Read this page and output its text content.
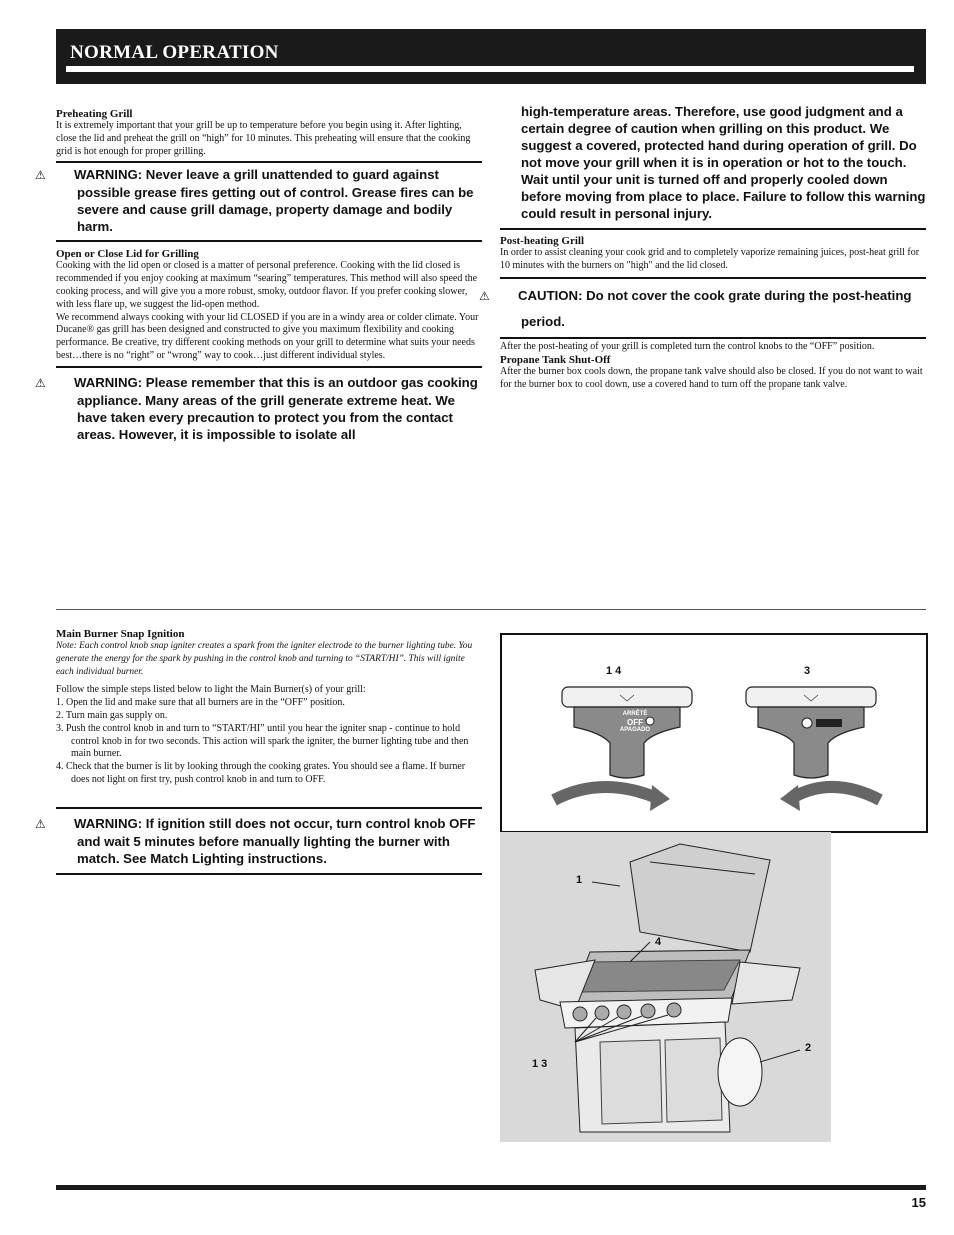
NORMAL OPERATION

Preheating Grill

It is extremely important that your grill be up to temperature before you begin using it. After lighting, close the lid and preheat the grill on “high” for 10 minutes. This preheating will ensure that the cooking grid is hot enough for proper grilling.

⚠ WARNING: Never leave a grill unattended to guard against possible grease fires getting out of control. Grease fires can be severe and cause grill damage, property damage and bodily harm.

Open or Close Lid for Grilling

Cooking with the lid open or closed is a matter of personal preference. Cooking with the lid closed is recommended if you enjoy cooking at maximum “searing” temperatures. This method will also speed the cooking process, and will give you a more robust, smoky, outdoor flavor. If you prefer cooking slower, with less flare up, we suggest the lid-open method.

We recommend always cooking with your lid CLOSED if you are in a windy area or colder climate. Your Ducane® gas grill has been designed and constructed to give you maximum flexibility and cooking performance. Be creative, try different cooking methods on your grill to determine what suits your needs best…there is no “right” or “wrong” way to cook…just different individual styles.

⚠ WARNING: Please remember that this is an outdoor gas cooking appliance. Many areas of the grill generate extreme heat. We have taken every precaution to protect you from the contact areas. However, it is impossible to isolate all

high-temperature areas. Therefore, use good judgment and a certain degree of caution when grilling on this product. We suggest a covered, protected hand during operation of grill. Do not move your grill when it is in operation or hot to the touch. Wait until your unit is turned off and properly cooled down before moving from place to place. Failure to follow this warning could result in personal injury.

Post-heating Grill

In order to assist cleaning your cook grid and to completely vaporize remaining juices, post-heat grill for 10 minutes with the burners on "high" and the lid closed.

⚠ CAUTION: Do not cover the cook grate during the post-heating period.

After the post-heating of your grill is completed turn the control knobs to the “OFF” position.

Propane Tank Shut-Off

After the burner box cools down, the propane tank valve should also be closed. If you do not want to wait for the burner box to cool down, use a covered hand to turn off the propane tank valve.

Main Burner Snap Ignition

Note: Each control knob snap igniter creates a spark from the igniter electrode to the burner lighting tube. You generate the energy for the spark by pushing in the control knob and turning to “START/HI”. This will ignite each individual burner.

Follow the simple steps listed below to light the Main Burner(s) of your grill:

1. Open the lid and make sure that all burners are in the “OFF” position.
2. Turn main gas supply on.
3. Push the control knob in and turn to “START/HI” until you hear the igniter snap - continue to hold control knob in for two seconds. This action will spark the igniter, the burner lighting tube and then main burner.
4. Check that the burner is lit by looking through the cooking grates. You should see a flame. If burner does not light on first try, push control knob in and turn to OFF.

⚠ WARNING: If ignition still does not occur, turn control knob OFF and wait 5 minutes before manually lighting the burner with match. See Match Lighting instructions.

1 4	3
ARRÊTÉ
OFF
APAGADO
1
4
1 3
2
15
